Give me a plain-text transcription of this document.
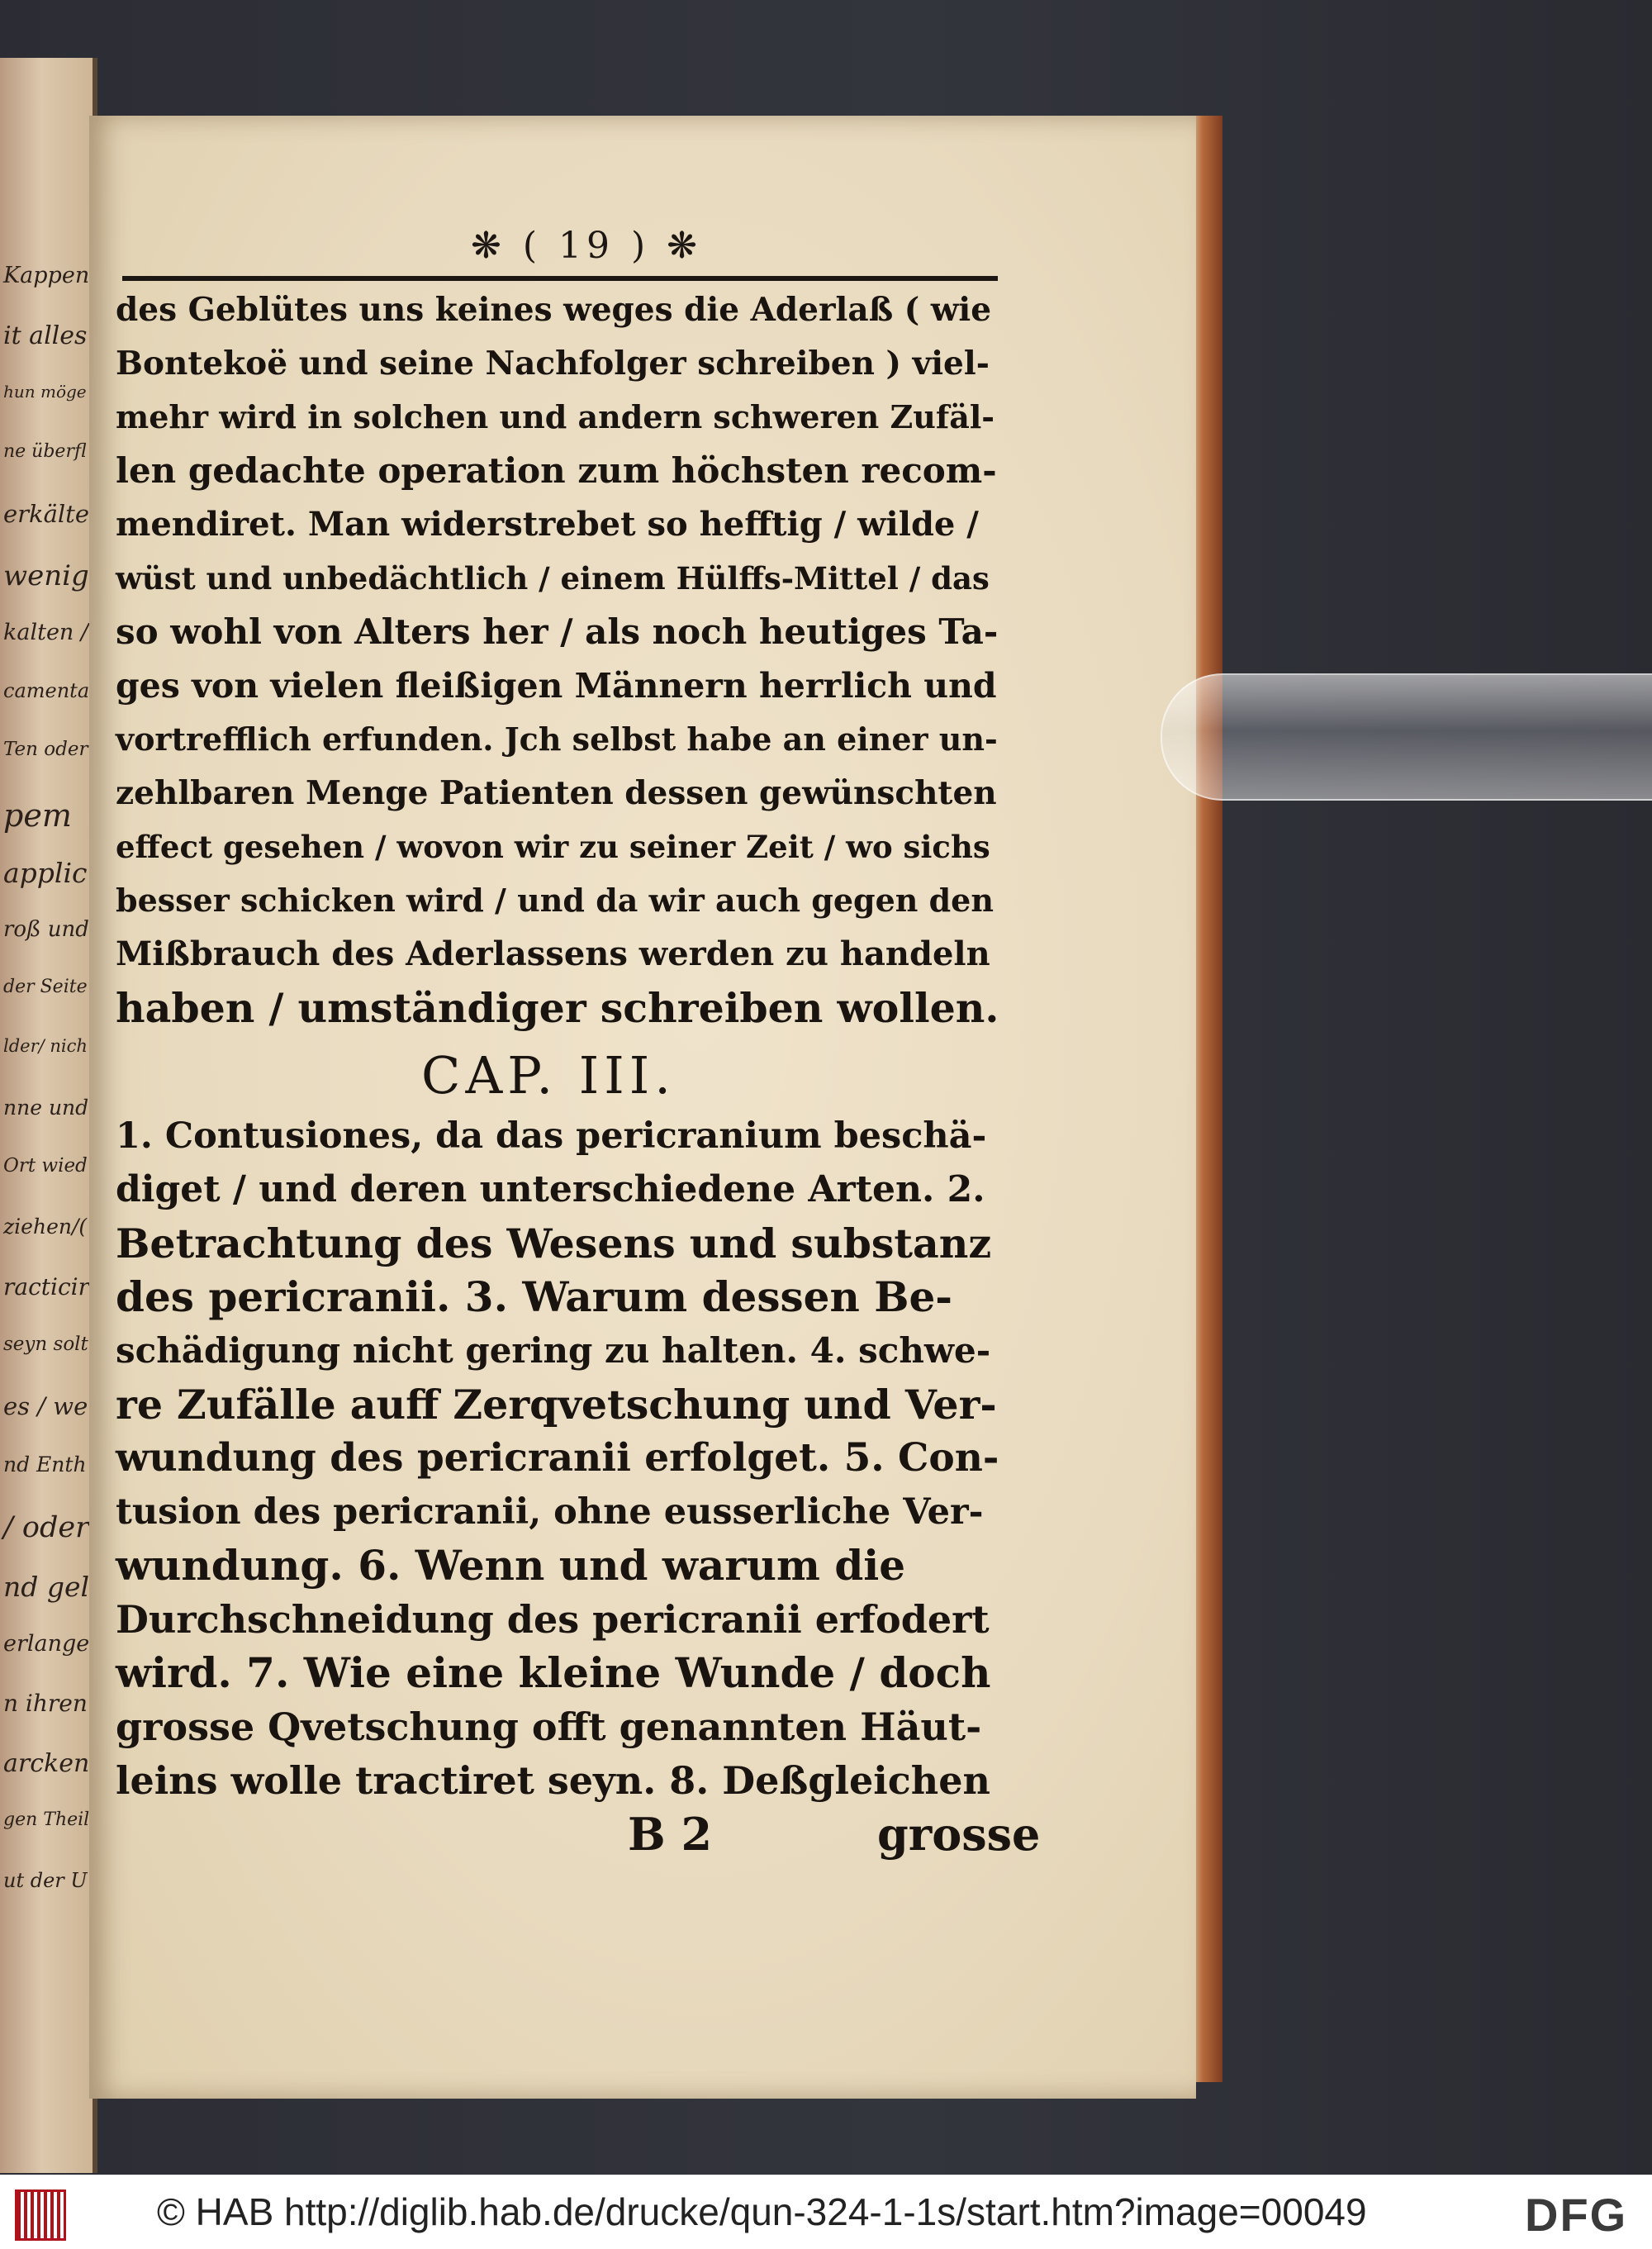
Kappen
it alles
hun möge
ne überfl
erkälte
wenig
kalten /
camenta
Ten oder
pem
applic
roß und
der Seite
lder/ nich
nne und
Ort wied
ziehen/(
racticir
seyn solt
es / we
nd Enth
/ oder
nd gel
erlange
n ihren
arcken
gen Theil
ut der U
❋ ( 19 ) ❋
des Geblütes uns keines weges die Aderlaß ( wie
Bontekoë und seine Nachfolger schreiben ) viel-
mehr wird in solchen und andern schweren Zufäl-
len gedachte operation zum höchsten recom-
mendiret. Man widerstrebet so hefftig / wilde /
wüst und unbedächtlich / einem Hülffs-Mittel / das
so wohl von Alters her / als noch heutiges Ta-
ges von vielen fleißigen Männern herrlich und
vortrefflich erfunden. Jch selbst habe an einer un-
zehlbaren Menge Patienten dessen gewünschten
effect gesehen / wovon wir zu seiner Zeit / wo sichs
besser schicken wird / und da wir auch gegen den
Mißbrauch des Aderlassens werden zu handeln
haben / umständiger schreiben wollen.
CAP. III.
1. Contusiones, da das pericranium beschä-
diget / und deren unterschiedene Arten. 2.
Betrachtung des Wesens und substanz
des pericranii. 3. Warum dessen Be-
schädigung nicht gering zu halten. 4. schwe-
re Zufälle auff Zerqvetschung und Ver-
wundung des pericranii erfolget. 5. Con-
tusion des pericranii, ohne eusserliche Ver-
wundung. 6. Wenn und warum die
Durchschneidung des pericranii erfodert
wird. 7. Wie eine kleine Wunde / doch
grosse Qvetschung offt genannten Häut-
leins wolle tractiret seyn. 8. Deßgleichen
B 2	grosse
© HAB http://diglib.hab.de/drucke/qun-324-1-1s/start.htm?image=00049	DFG
